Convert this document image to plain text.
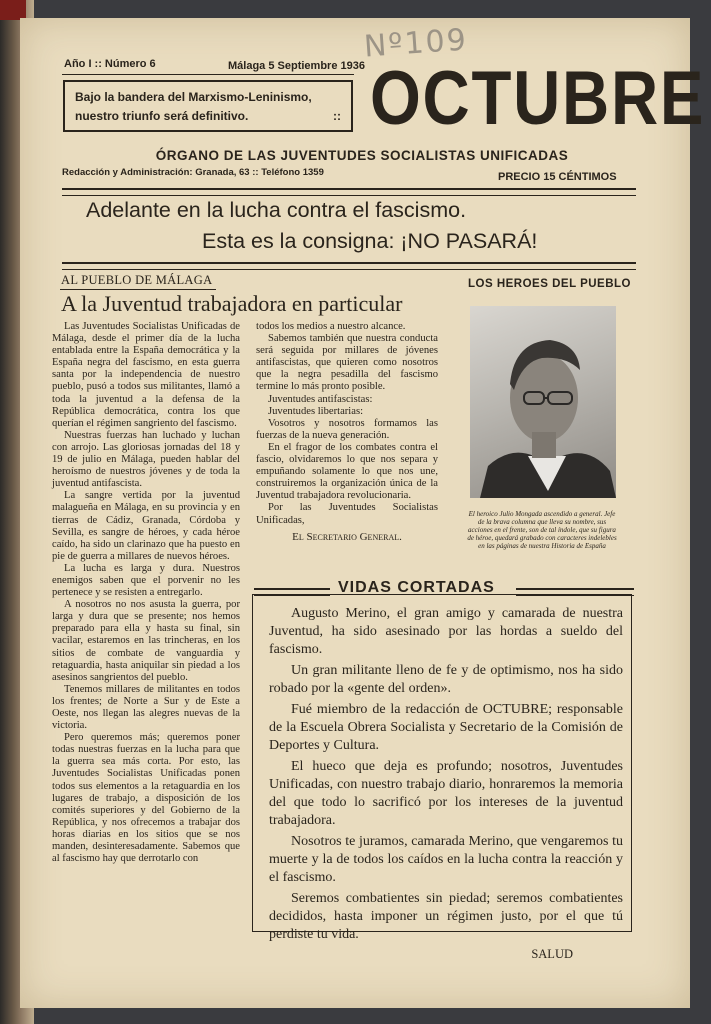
Año I :: Número 6	Málaga 5 Septiembre 1936
Nº109
Bajo la bandera del Marxismo-Leninismo,
nuestro triunfo será definitivo.	:: OCTUBRE
ÓRGANO DE LAS JUVENTUDES SOCIALISTAS UNIFICADAS
Redacción y Administración: Granada, 63 :: Teléfono 1359	PRECIO 15 CÉNTIMOS
Adelante en la lucha contra el fascismo.
Esta es la consigna: ¡NO PASARÁ!
AL PUEBLO DE MÁLAGA
A la Juventud trabajadora en particular

Las Juventudes Socialistas Unificadas de Málaga, desde el primer día de la lucha entablada entre la España democrática y la España negra del fascismo, en esta guerra santa por la independencia de nuestro pueblo, pusó a todos sus militantes, llamó a toda la juventud a la defensa de la República democrática, contra los que querían el régimen sangriento del fascismo.

Nuestras fuerzas han luchado y luchan con arrojo. Las gloriosas jornadas del 18 y 19 de julio en Málaga, pueden hablar del heroísmo de nuestros jóvenes y de toda la juventud antifascista.

La sangre vertida por la juventud malagueña en Málaga, en su provincia y en tierras de Cádiz, Granada, Córdoba y Sevilla, es sangre de héroes, y cada héroe caído, ha sido un clarinazo que ha puesto en pie de guerra a millares de nuevos héroes.

La lucha es larga y dura. Nuestros enemigos saben que el porvenir no les pertenece y se resisten a entregarlo.

A nosotros no nos asusta la guerra, por larga y dura que se presente; nos hemos preparado para ella y hasta su final, sin vacilar, estaremos en las trincheras, en los sitios de combate de vanguardia y retaguardia, hasta aniquilar sin piedad a los asesinos sangrientos del pueblo.

Tenemos millares de militantes en todos los frentes; de Norte a Sur y de Este a Oeste, nos llegan las alegres nuevas de la victoria.

Pero queremos más; queremos poner todas nuestras fuerzas en la lucha para que la guerra sea más corta. Por esto, las Juventudes Socialistas Unificadas ponen todos sus elementos a la retaguardia en los lugares de trabajo, a disposición de los comités superiores y del Gobierno de la República, y nos ofrecemos a trabajar dos horas diarias en los sitios que se nos manden, desinteresadamente. Sabemos que al fascismo hay que derrotarlo con

todos los medios a nuestro alcance.

Sabemos también que nuestra conducta será seguida por millares de jóvenes antifascistas, que quieren como nosotros que la negra pesadilla del fascismo termine lo más pronto posible.

Juventudes antifascistas:

Juventudes libertarias:

Vosotros y nosotros formamos las fuerzas de la nueva generación.

En el fragor de los combates contra el fascio, olvidaremos lo que nos separa y empuñando solamente lo que nos une, construiremos la organización única de la Juventud trabajadora revolucionaria.

Por las Juventudes Socialistas Unificadas,

El Secretario General.
LOS HEROES DEL PUEBLO
El heroico Julio Mongada ascendido a general. Jefe de la brava columna que lleva su nombre, sus acciones en el frente, son de tal índole, que su figura de héroe, quedará grabado con caracteres indelebles en las páginas de nuestra Historia de España
VIDAS CORTADAS

Augusto Merino, el gran amigo y camarada de nuestra Juventud, ha sido asesinado por las hordas a sueldo del fascismo.

Un gran militante lleno de fe y de optimismo, nos ha sido robado por la «gente del orden».

Fué miembro de la redacción de OCTUBRE; responsable de la Escuela Obrera Socialista y Secretario de la Comisión de Deportes y Cultura.

El hueco que deja es profundo; nosotros, Juventudes Unificadas, con nuestro trabajo diario, honraremos la memoria del que todo lo sacrificó por los intereses de la juventud trabajadora.

Nosotros te juramos, camarada Merino, que vengaremos tu muerte y la de todos los caídos en la lucha contra la reacción y el fascismo.

Seremos combatientes sin piedad; seremos combatientes decididos, hasta imponer un régimen justo, por el que tú perdiste tu vida.

SALUD
